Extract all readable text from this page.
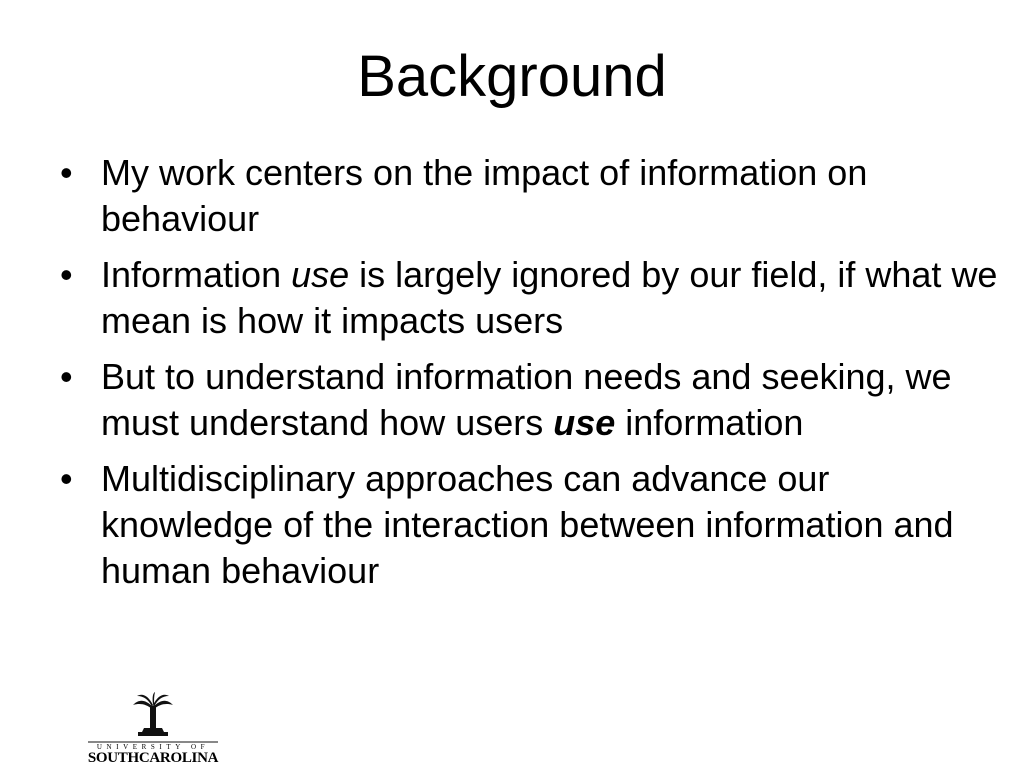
Background
• My work centers on the impact of information on behaviour
• Information use is largely ignored by our field, if what we mean is how it impacts users
• But to understand information needs and seeking, we must understand how users use information
• Multidisciplinary approaches can advance our knowledge of the interaction between information and human behaviour
UNIVERSITY OF
SOUTHCAROLINA
